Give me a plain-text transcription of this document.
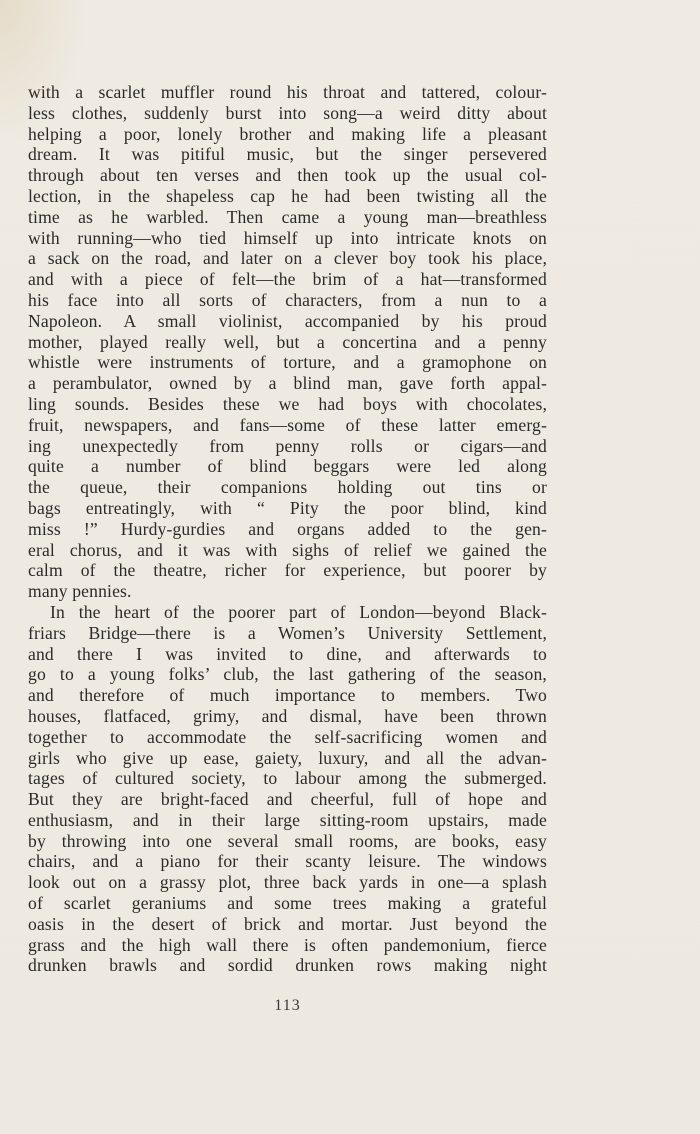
with a scarlet muffler round his throat and tattered, colour-
less clothes, suddenly burst into song—a weird ditty about
helping a poor, lonely brother and making life a pleasant
dream. It was pitiful music, but the singer persevered
through about ten verses and then took up the usual col-
lection, in the shapeless cap he had been twisting all the
time as he warbled. Then came a young man—breathless
with running—who tied himself up into intricate knots on
a sack on the road, and later on a clever boy took his place,
and with a piece of felt—the brim of a hat—transformed
his face into all sorts of characters, from a nun to a
Napoleon. A small violinist, accompanied by his proud
mother, played really well, but a concertina and a penny
whistle were instruments of torture, and a gramophone on
a perambulator, owned by a blind man, gave forth appal-
ling sounds. Besides these we had boys with chocolates,
fruit, newspapers, and fans—some of these latter emerg-
ing unexpectedly from penny rolls or cigars—and
quite a number of blind beggars were led along
the queue, their companions holding out tins or
bags entreatingly, with “ Pity the poor blind, kind
miss !” Hurdy-gurdies and organs added to the gen-
eral chorus, and it was with sighs of relief we gained the
calm of the theatre, richer for experience, but poorer by
many pennies.
In the heart of the poorer part of London—beyond Black-
friars Bridge—there is a Women’s University Settlement,
and there I was invited to dine, and afterwards to
go to a young folks’ club, the last gathering of the season,
and therefore of much importance to members. Two
houses, flatfaced, grimy, and dismal, have been thrown
together to accommodate the self-sacrificing women and
girls who give up ease, gaiety, luxury, and all the advan-
tages of cultured society, to labour among the submerged.
But they are bright-faced and cheerful, full of hope and
enthusiasm, and in their large sitting-room upstairs, made
by throwing into one several small rooms, are books, easy
chairs, and a piano for their scanty leisure. The windows
look out on a grassy plot, three back yards in one—a splash
of scarlet geraniums and some trees making a grateful
oasis in the desert of brick and mortar. Just beyond the
grass and the high wall there is often pandemonium, fierce
drunken brawls and sordid drunken rows making night
113
